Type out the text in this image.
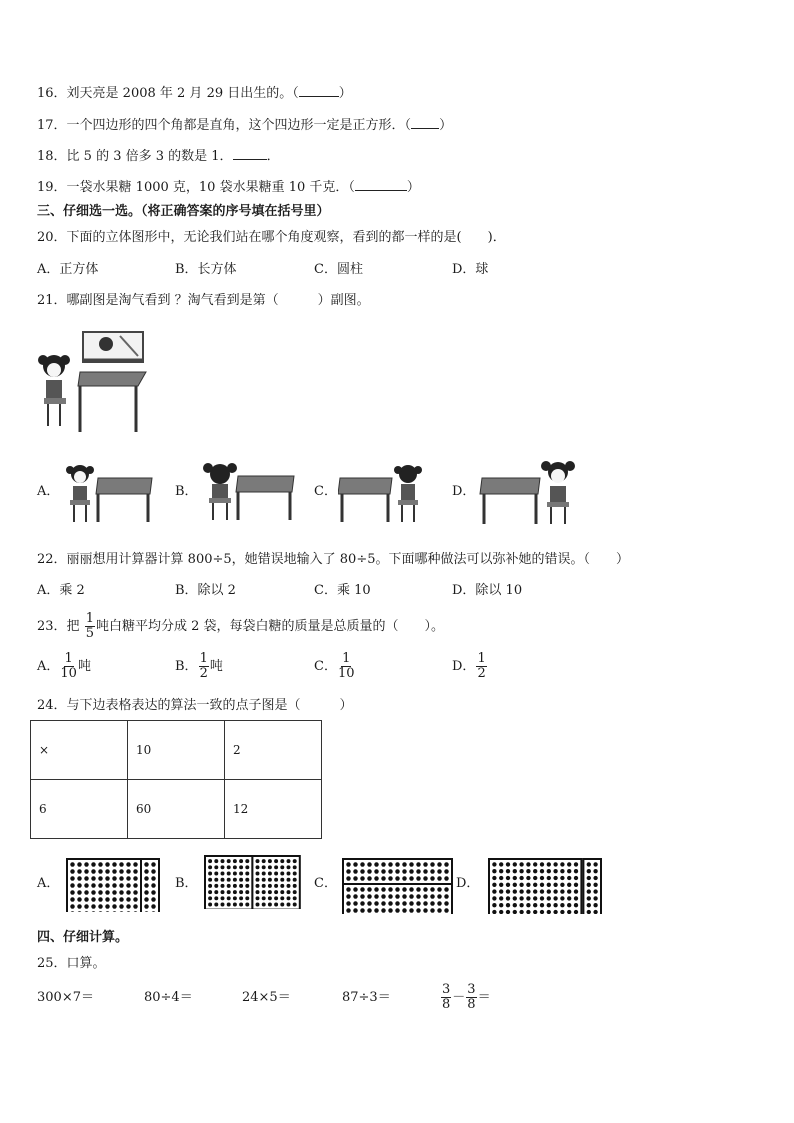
16．刘天亮是 2008 年 2 月 29 日出生的。（	）
17．一个四边形的四个角都是直角，这个四边形一定是正方形．（ ）
18．比 5 的 3 倍多 3 的数是 1．	．
19．一袋水果糖 1000 克，10 袋水果糖重 10 千克．（	）
三、仔细选一选。（将正确答案的序号填在括号里）
20．下面的立体图形中，无论我们站在哪个角度观察，看到的都一样的是(　　)．
A．正方体	B．长方体	C．圆柱	D．球
21．哪副图是淘气看到 ？淘气看到是第（　　　）副图。
A．	B．	C．	D．
22．丽丽想用计算器计算 800÷5，她错误地输入了 80÷5。下面哪种做法可以弥补她的错误。（　　）
A．乘 2	B．除以 2	C．乘 10	D．除以 10
23．把 $\frac{1}{5}$ 吨白糖平均分成 2 袋，每袋白糖的质量是总质量的（　　）。
A． $\frac{1}{10}$ 吨	B． $\frac{1}{2}$ 吨	C． $\frac{1}{10}$	D． $\frac{1}{2}$
24．与下边表格表达的算法一致的点子图是（　　　）
×	10	2
6	60	12
A．	B．	C．	D．
四、仔细计算。
25．口算。
300×7＝	80÷4＝	24×5＝	87÷3＝	$\frac{3}{8} - \frac{3}{8}$ ＝
